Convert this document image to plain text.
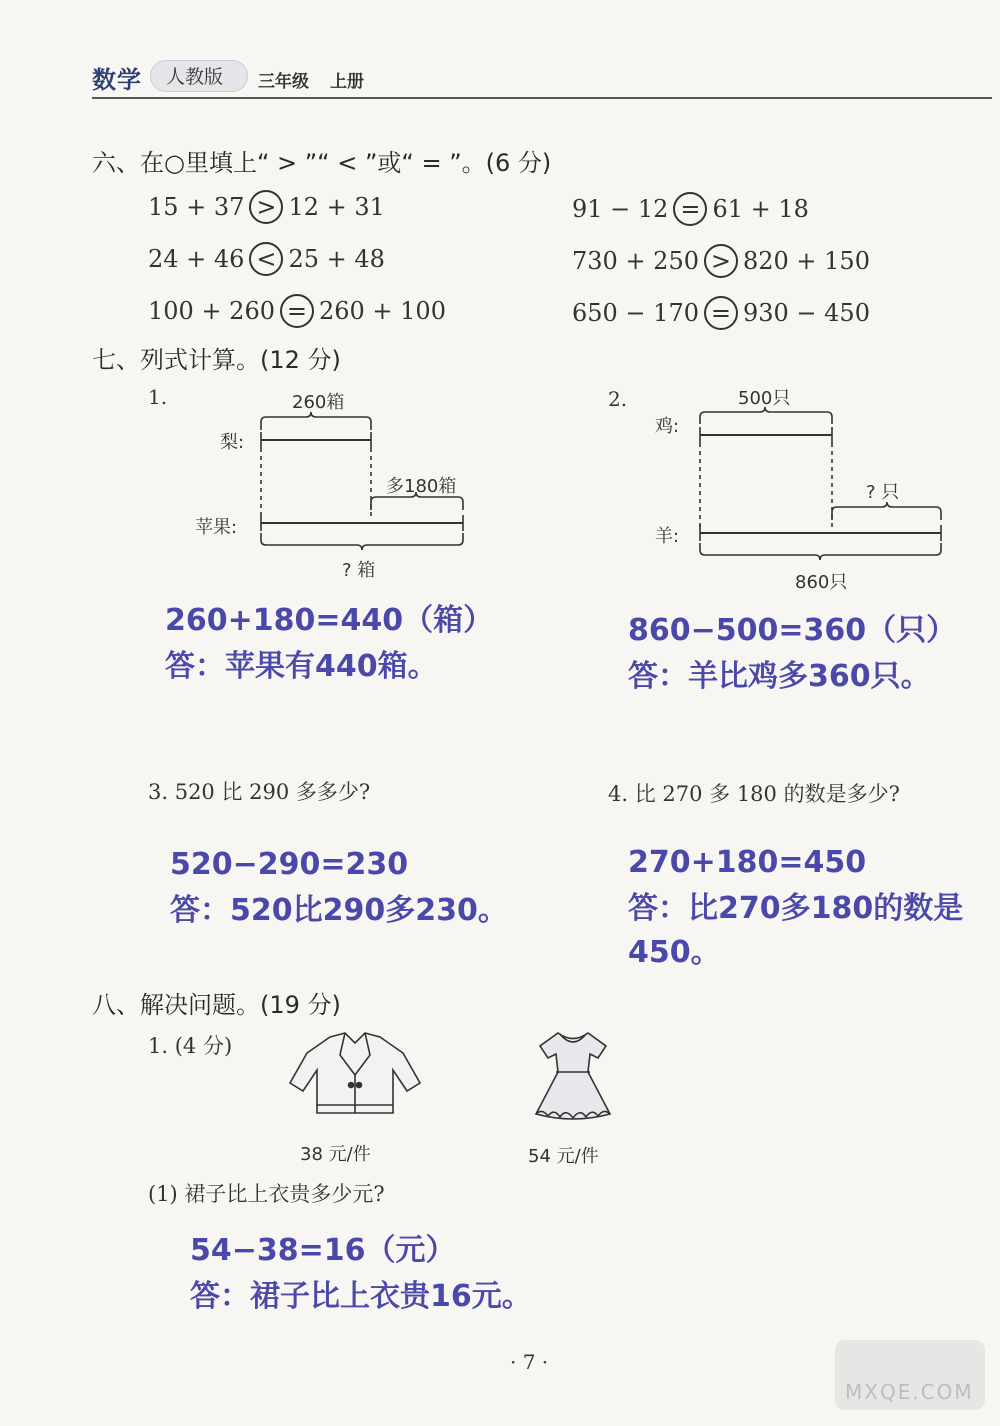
数学 人教版 三年级 上册
六、在○里填上“ > ”“ < ”或“ = ”。(6 分)
15 + 37 > 12 + 31	91 − 12 = 61 + 18
24 + 46 < 25 + 48	730 + 250 > 820 + 150
100 + 260 = 260 + 100	650 − 170 = 930 − 450
七、列式计算。(12 分)
1.	260箱
梨:
多180箱
苹果:
? 箱
260+180=440（箱）
答：苹果有440箱。
2.	500只
鸡:
? 只
羊:
860只
860−500=360（只）
答：羊比鸡多360只。
3. 520 比 290 多多少?
520−290=230
答：520比290多230。
4. 比 270 多 180 的数是多少?
270+180=450
答：比270多180的数是
450。
八、解决问题。(19 分)
1. (4 分)
38 元/件	54 元/件
(1) 裙子比上衣贵多少元?
54−38=16（元）
答：裙子比上衣贵16元。
· 7 ·
MXQE.COM
